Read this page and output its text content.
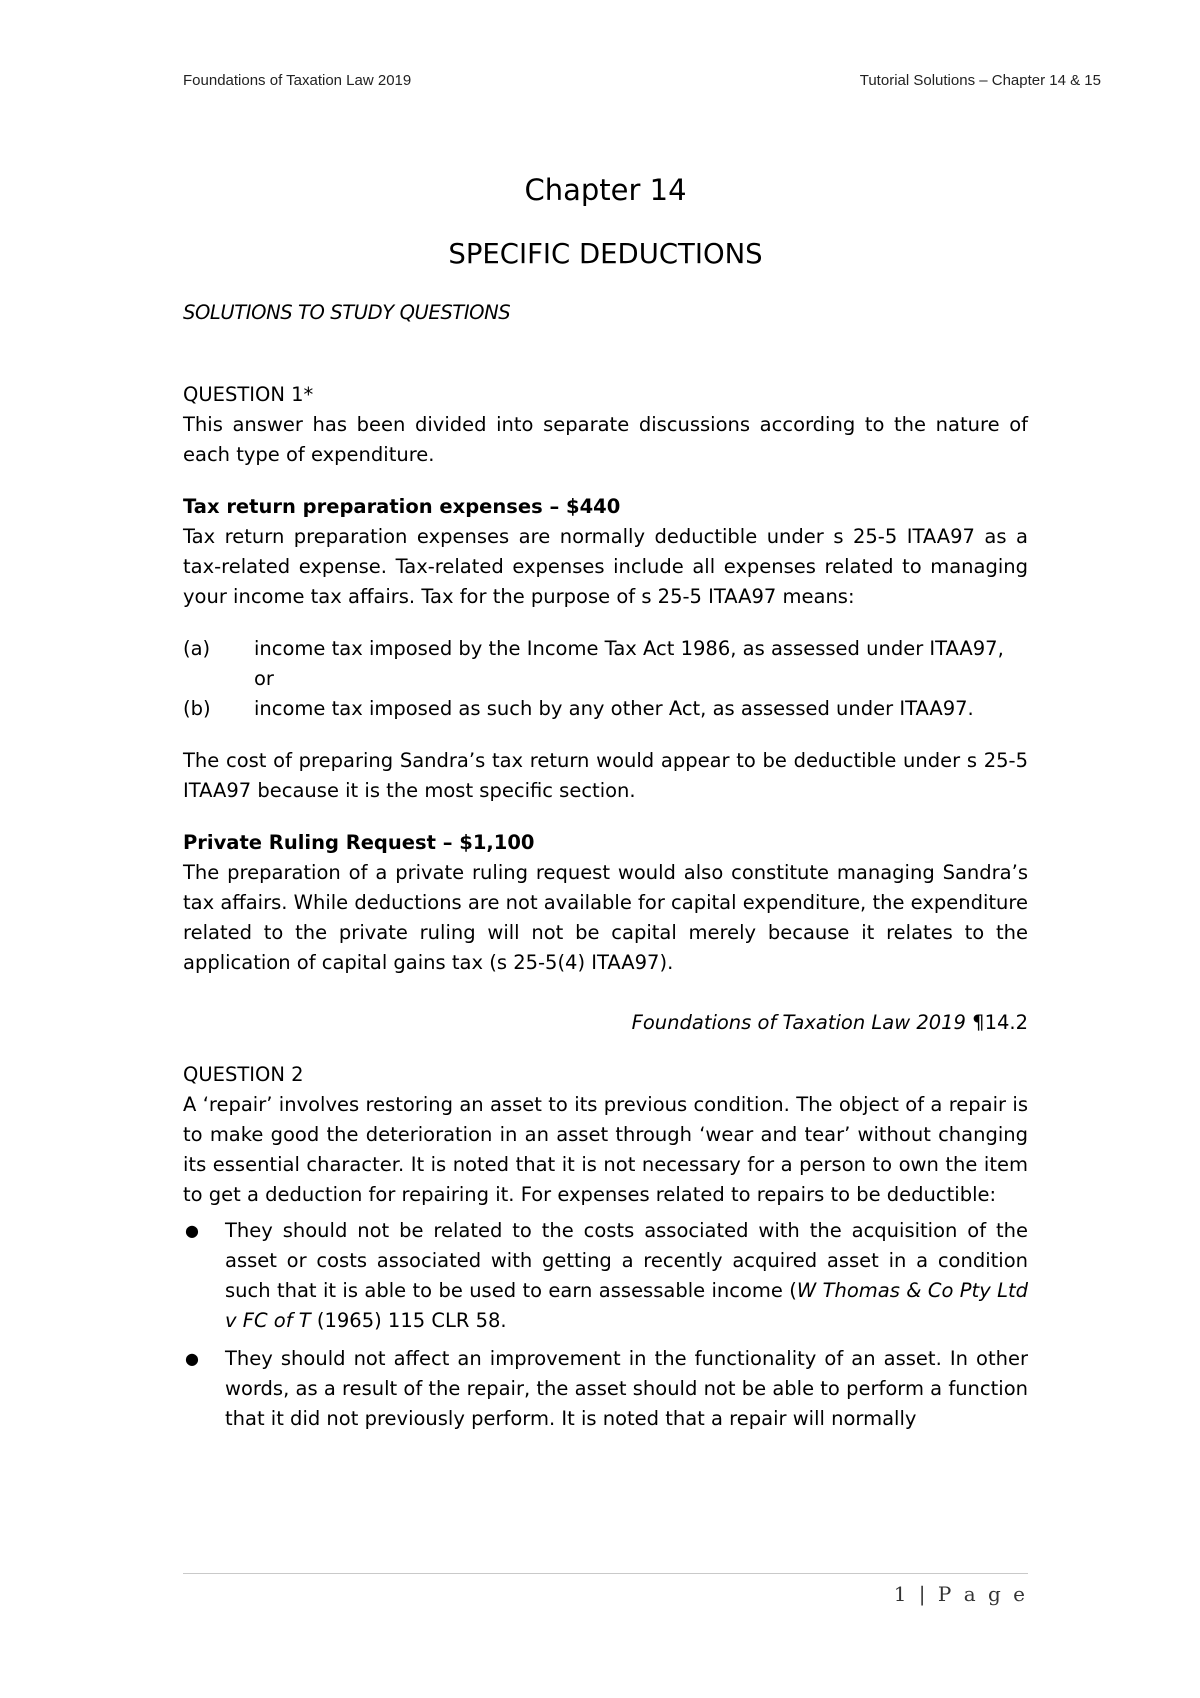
Foundations of Taxation Law 2019	Tutorial Solutions – Chapter 14 & 15
Chapter 14
SPECIFIC DEDUCTIONS

SOLUTIONS TO STUDY QUESTIONS

QUESTION 1*

This answer has been divided into separate discussions according to the nature of each type of expenditure.

Tax return preparation expenses – $440

Tax return preparation expenses are normally deductible under s 25-5 ITAA97 as a tax-related expense. Tax-related expenses include all expenses related to managing your income tax affairs. Tax for the purpose of s 25-5 ITAA97 means:

(a) income tax imposed by the Income Tax Act 1986, as assessed under ITAA97, or
(b) income tax imposed as such by any other Act, as assessed under ITAA97.

The cost of preparing Sandra’s tax return would appear to be deductible under s 25-5 ITAA97 because it is the most specific section.

Private Ruling Request – $1,100

The preparation of a private ruling request would also constitute managing Sandra’s tax affairs. While deductions are not available for capital expenditure, the expenditure related to the private ruling will not be capital merely because it relates to the application of capital gains tax (s 25-5(4) ITAA97).

Foundations of Taxation Law 2019 ¶14.2

QUESTION 2

A ‘repair’ involves restoring an asset to its previous condition. The object of a repair is to make good the deterioration in an asset through ‘wear and tear’ without changing its essential character. It is noted that it is not necessary for a person to own the item to get a deduction for repairing it. For expenses related to repairs to be deductible:

● They should not be related to the costs associated with the acquisition of the asset or costs associated with getting a recently acquired asset in a condition such that it is able to be used to earn assessable income (W Thomas & Co Pty Ltd v FC of T (1965) 115 CLR 58.
● They should not affect an improvement in the functionality of an asset. In other words, as a result of the repair, the asset should not be able to perform a function that it did not previously perform. It is noted that a repair will normally
1 | P a g e
